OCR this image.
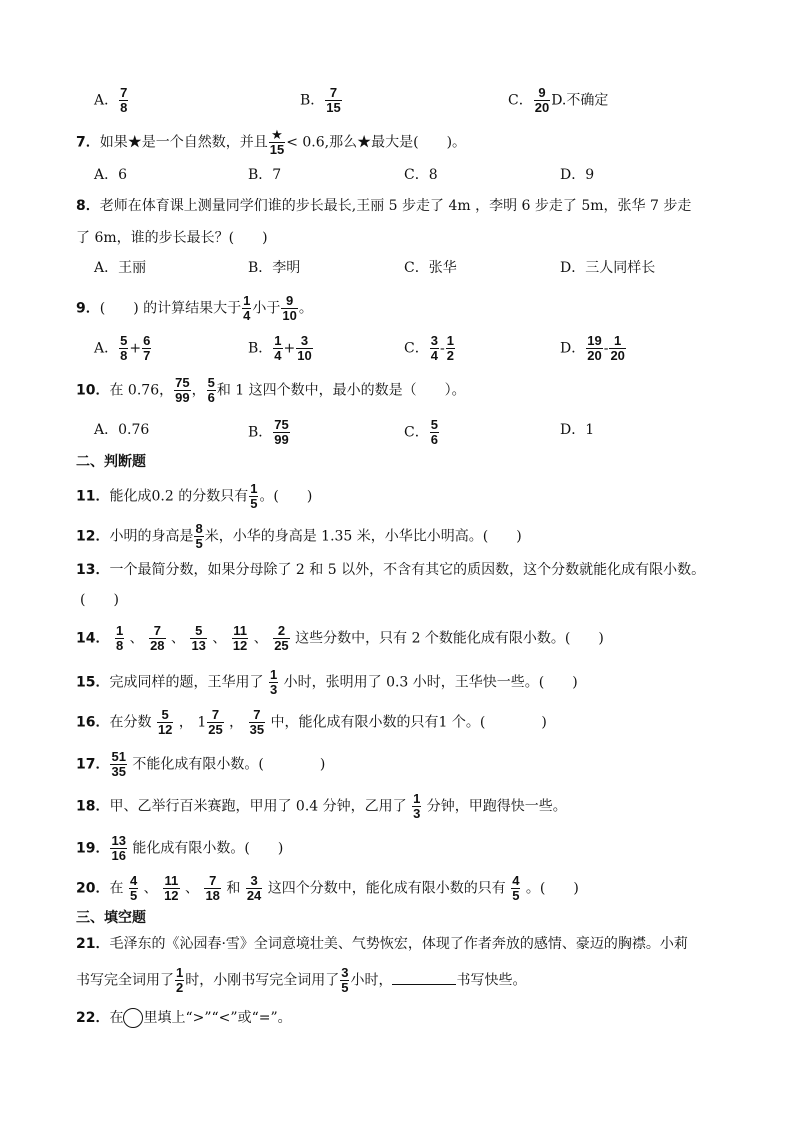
A． $\frac{7}{8}$	B． $\frac{7}{15}$	C． $\frac{9}{20} D$.不确定
7．如果★是一个自然数，并且 $\frac{★}{15} < 0.6$,那么★最大是(　　)。
A．6	B．7	C．8	D．9
8．老师在体育课上测量同学们谁的步长最长,王丽 5 步走了 4m ，李明 6 步走了 5m，张华 7 步走
了 6m，谁的步长最长？(　　)
A．王丽	B．李明	C．张华	D．三人同样长
9．(　　) 的计算结果大于 $\frac{1}{4}$ 小于 $\frac{9}{10}$ 。
A． $\frac{5}{8} + \frac{6}{7}$	B． $\frac{1}{4} + \frac{3}{10}$	C． $\frac{3}{4} - \frac{1}{2}$	D． $\frac{19}{20} - \frac{1}{20}$
10．在 0.76， $\frac{75}{99}$ ， $\frac{5}{6}$ 和 1 这四个数中，最小的数是（　　）。
A．0.76	B． $\frac{75}{99}$	C． $\frac{5}{6}$	D．1
二、判断题
11．能化成0.2 的分数只有 $\frac{1}{5}$ 。(　　)
12．小明的身高是 $\frac{8}{5}$ 米，小华的身高是 1.35 米，小华比小明高。(　　)
13．一个最简分数，如果分母除了 2 和 5 以外，不含有其它的质因数，这个分数就能化成有限小数。
(　　)
14． $\frac{1}{8}$ 、 $\frac{7}{28}$ 、 $\frac{5}{13}$ 、 $\frac{11}{12}$ 、 $\frac{2}{25}$ 这些分数中，只有 2 个数能化成有限小数。(　　)
15．完成同样的题，王华用了 $\frac{1}{3}$ 小时，张明用了 0.3 小时，王华快一些。(　　)
16．在分数 $\frac{5}{12}$ ， $1 \frac{7}{25}$ ， $\frac{7}{35}$ 中，能化成有限小数的只有1 个。(　　　　)
17． $\frac{51}{35}$ 不能化成有限小数。(　　　　)
18．甲、乙举行百米赛跑，甲用了 0.4 分钟，乙用了 $\frac{1}{3}$ 分钟，甲跑得快一些。
19． $\frac{13}{16}$ 能化成有限小数。(　　)
20．在 $\frac{4}{5}$ 、 $\frac{11}{12}$ 、 $\frac{7}{18}$ 和 $\frac{3}{24}$ 这四个分数中，能化成有限小数的只有 $\frac{4}{5}$ 。(　　)
三、填空题
21．毛泽东的《沁园春·雪》全词意境壮美、气势恢宏，体现了作者奔放的感情、豪迈的胸襟。小莉
书写完全词用了 $\frac{1}{2}$ 时，小刚书写完全词用了 $\frac{3}{5}$ 小时，	书写快些。
22．在 里填上“>”“<”或“=”。
